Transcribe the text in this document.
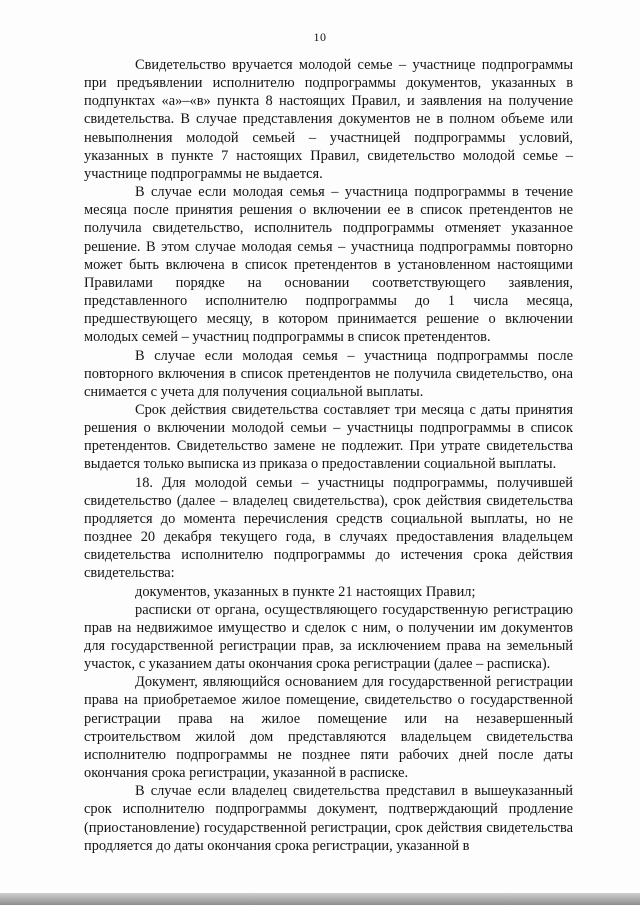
10

Свидетельство вручается молодой семье – участнице подпрограммы при предъявлении исполнителю подпрограммы документов, указанных в подпунктах «а»–«в» пункта 8 настоящих Правил, и заявления на получение свидетельства. В случае представления документов не в полном объеме или невыполнения молодой семьей – участницей подпрограммы условий, указанных в пункте 7 настоящих Правил, свидетельство молодой семье – участнице подпрограммы не выдается.

В случае если молодая семья – участница подпрограммы в течение месяца после принятия решения о включении ее в список претендентов не получила свидетельство, исполнитель подпрограммы отменяет указанное решение. В этом случае молодая семья – участница подпрограммы повторно может быть включена в список претендентов в установленном настоящими Правилами порядке на основании соответствующего заявления, представленного исполнителю подпрограммы до 1 числа месяца, предшествующего месяцу, в котором принимается решение о включении молодых семей – участниц подпрограммы в список претендентов.

В случае если молодая семья – участница подпрограммы после повторного включения в список претендентов не получила свидетельство, она снимается с учета для получения социальной выплаты.

Срок действия свидетельства составляет три месяца с даты принятия решения о включении молодой семьи – участницы подпрограммы в список претендентов. Свидетельство замене не подлежит. При утрате свидетельства выдается только выписка из приказа о предоставлении социальной выплаты.

18. Для молодой семьи – участницы подпрограммы, получившей свидетельство (далее – владелец свидетельства), срок действия свидетельства продляется до момента перечисления средств социальной выплаты, но не позднее 20 декабря текущего года, в случаях предоставления владельцем свидетельства исполнителю подпрограммы до истечения срока действия свидетельства:

документов, указанных в пункте 21 настоящих Правил;

расписки от органа, осуществляющего государственную регистрацию прав на недвижимое имущество и сделок с ним, о получении им документов для государственной регистрации прав, за исключением права на земельный участок, с указанием даты окончания срока регистрации (далее – расписка).

Документ, являющийся основанием для государственной регистрации права на приобретаемое жилое помещение, свидетельство о государственной регистрации права на жилое помещение или на незавершенный строительством жилой дом представляются владельцем свидетельства исполнителю подпрограммы не позднее пяти рабочих дней после даты окончания срока регистрации, указанной в расписке.

В случае если владелец свидетельства представил в вышеуказанный срок исполнителю подпрограммы документ, подтверждающий продление (приостановление) государственной регистрации, срок действия свидетельства продляется до даты окончания срока регистрации, указанной в
